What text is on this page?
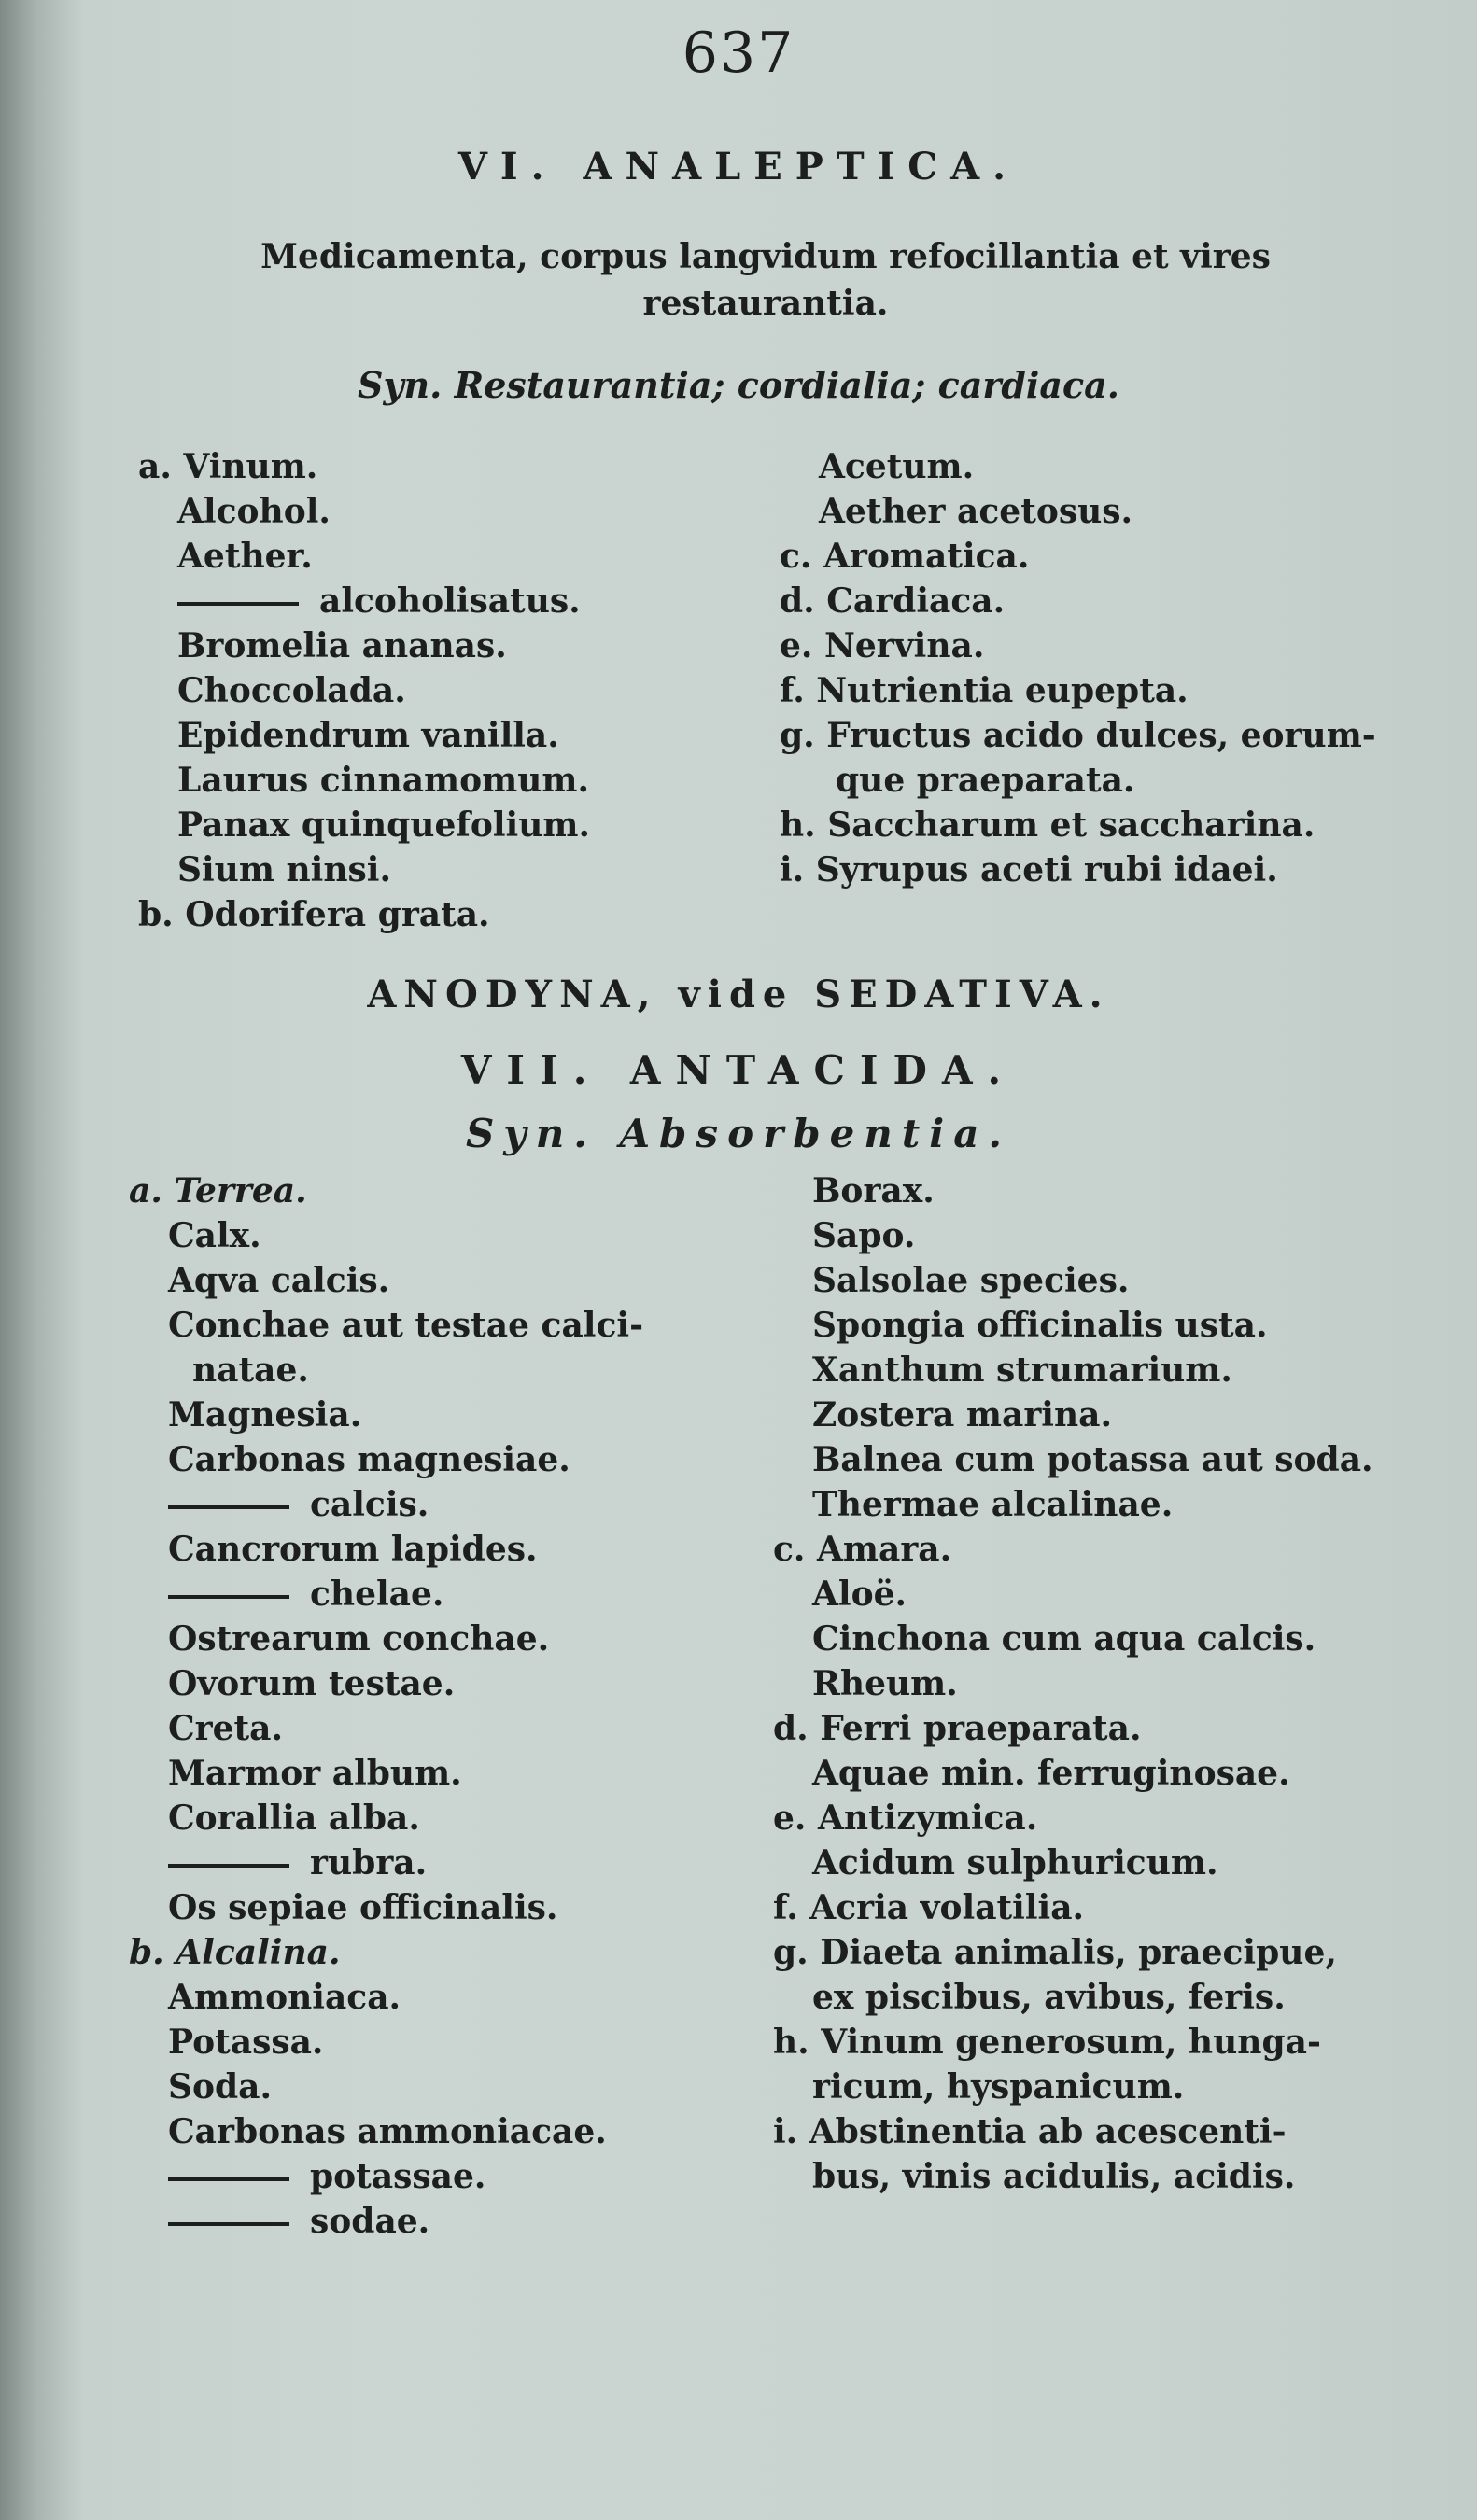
637
VI. ANALEPTICA.
Medicamenta, corpus langvidum refocillantia et vires restaurantia.
Syn. Restaurantia; cordialia; cardiaca.
a. Vinum.
Alcohol.
Aether.
alcoholisatus.
Bromelia ananas.
Choccolada.
Epidendrum vanilla.
Laurus cinnamomum.
Panax quinquefolium.
Sium ninsi.
b. Odorifera grata.
Acetum.
Aether acetosus.
c. Aromatica.
d. Cardiaca.
e. Nervina.
f. Nutrientia eupepta.
g. Fructus acido dulces, eorum-
que praeparata.
h. Saccharum et saccharina.
i. Syrupus aceti rubi idaei.
ANODYNA, vide SEDATIVA.
VII. ANTACIDA.
Syn. Absorbentia.
a. Terrea.
Calx.
Aqva calcis.
Conchae aut testae calci-
natae.
Magnesia.
Carbonas magnesiae.
calcis.
Cancrorum lapides.
chelae.
Ostrearum conchae.
Ovorum testae.
Creta.
Marmor album.
Corallia alba.
rubra.
Os sepiae officinalis.
b. Alcalina.
Ammoniaca.
Potassa.
Soda.
Carbonas ammoniacae.
potassae.
sodae.
Borax.
Sapo.
Salsolae species.
Spongia officinalis usta.
Xanthum strumarium.
Zostera marina.
Balnea cum potassa aut soda.
Thermae alcalinae.
c. Amara.
Aloë.
Cinchona cum aqua calcis.
Rheum.
d. Ferri praeparata.
Aquae min. ferruginosae.
e. Antizymica.
Acidum sulphuricum.
f. Acria volatilia.
g. Diaeta animalis, praecipue,
ex piscibus, avibus, feris.
h. Vinum generosum, hunga-
ricum, hyspanicum.
i. Abstinentia ab acescenti-
bus, vinis acidulis, acidis.
